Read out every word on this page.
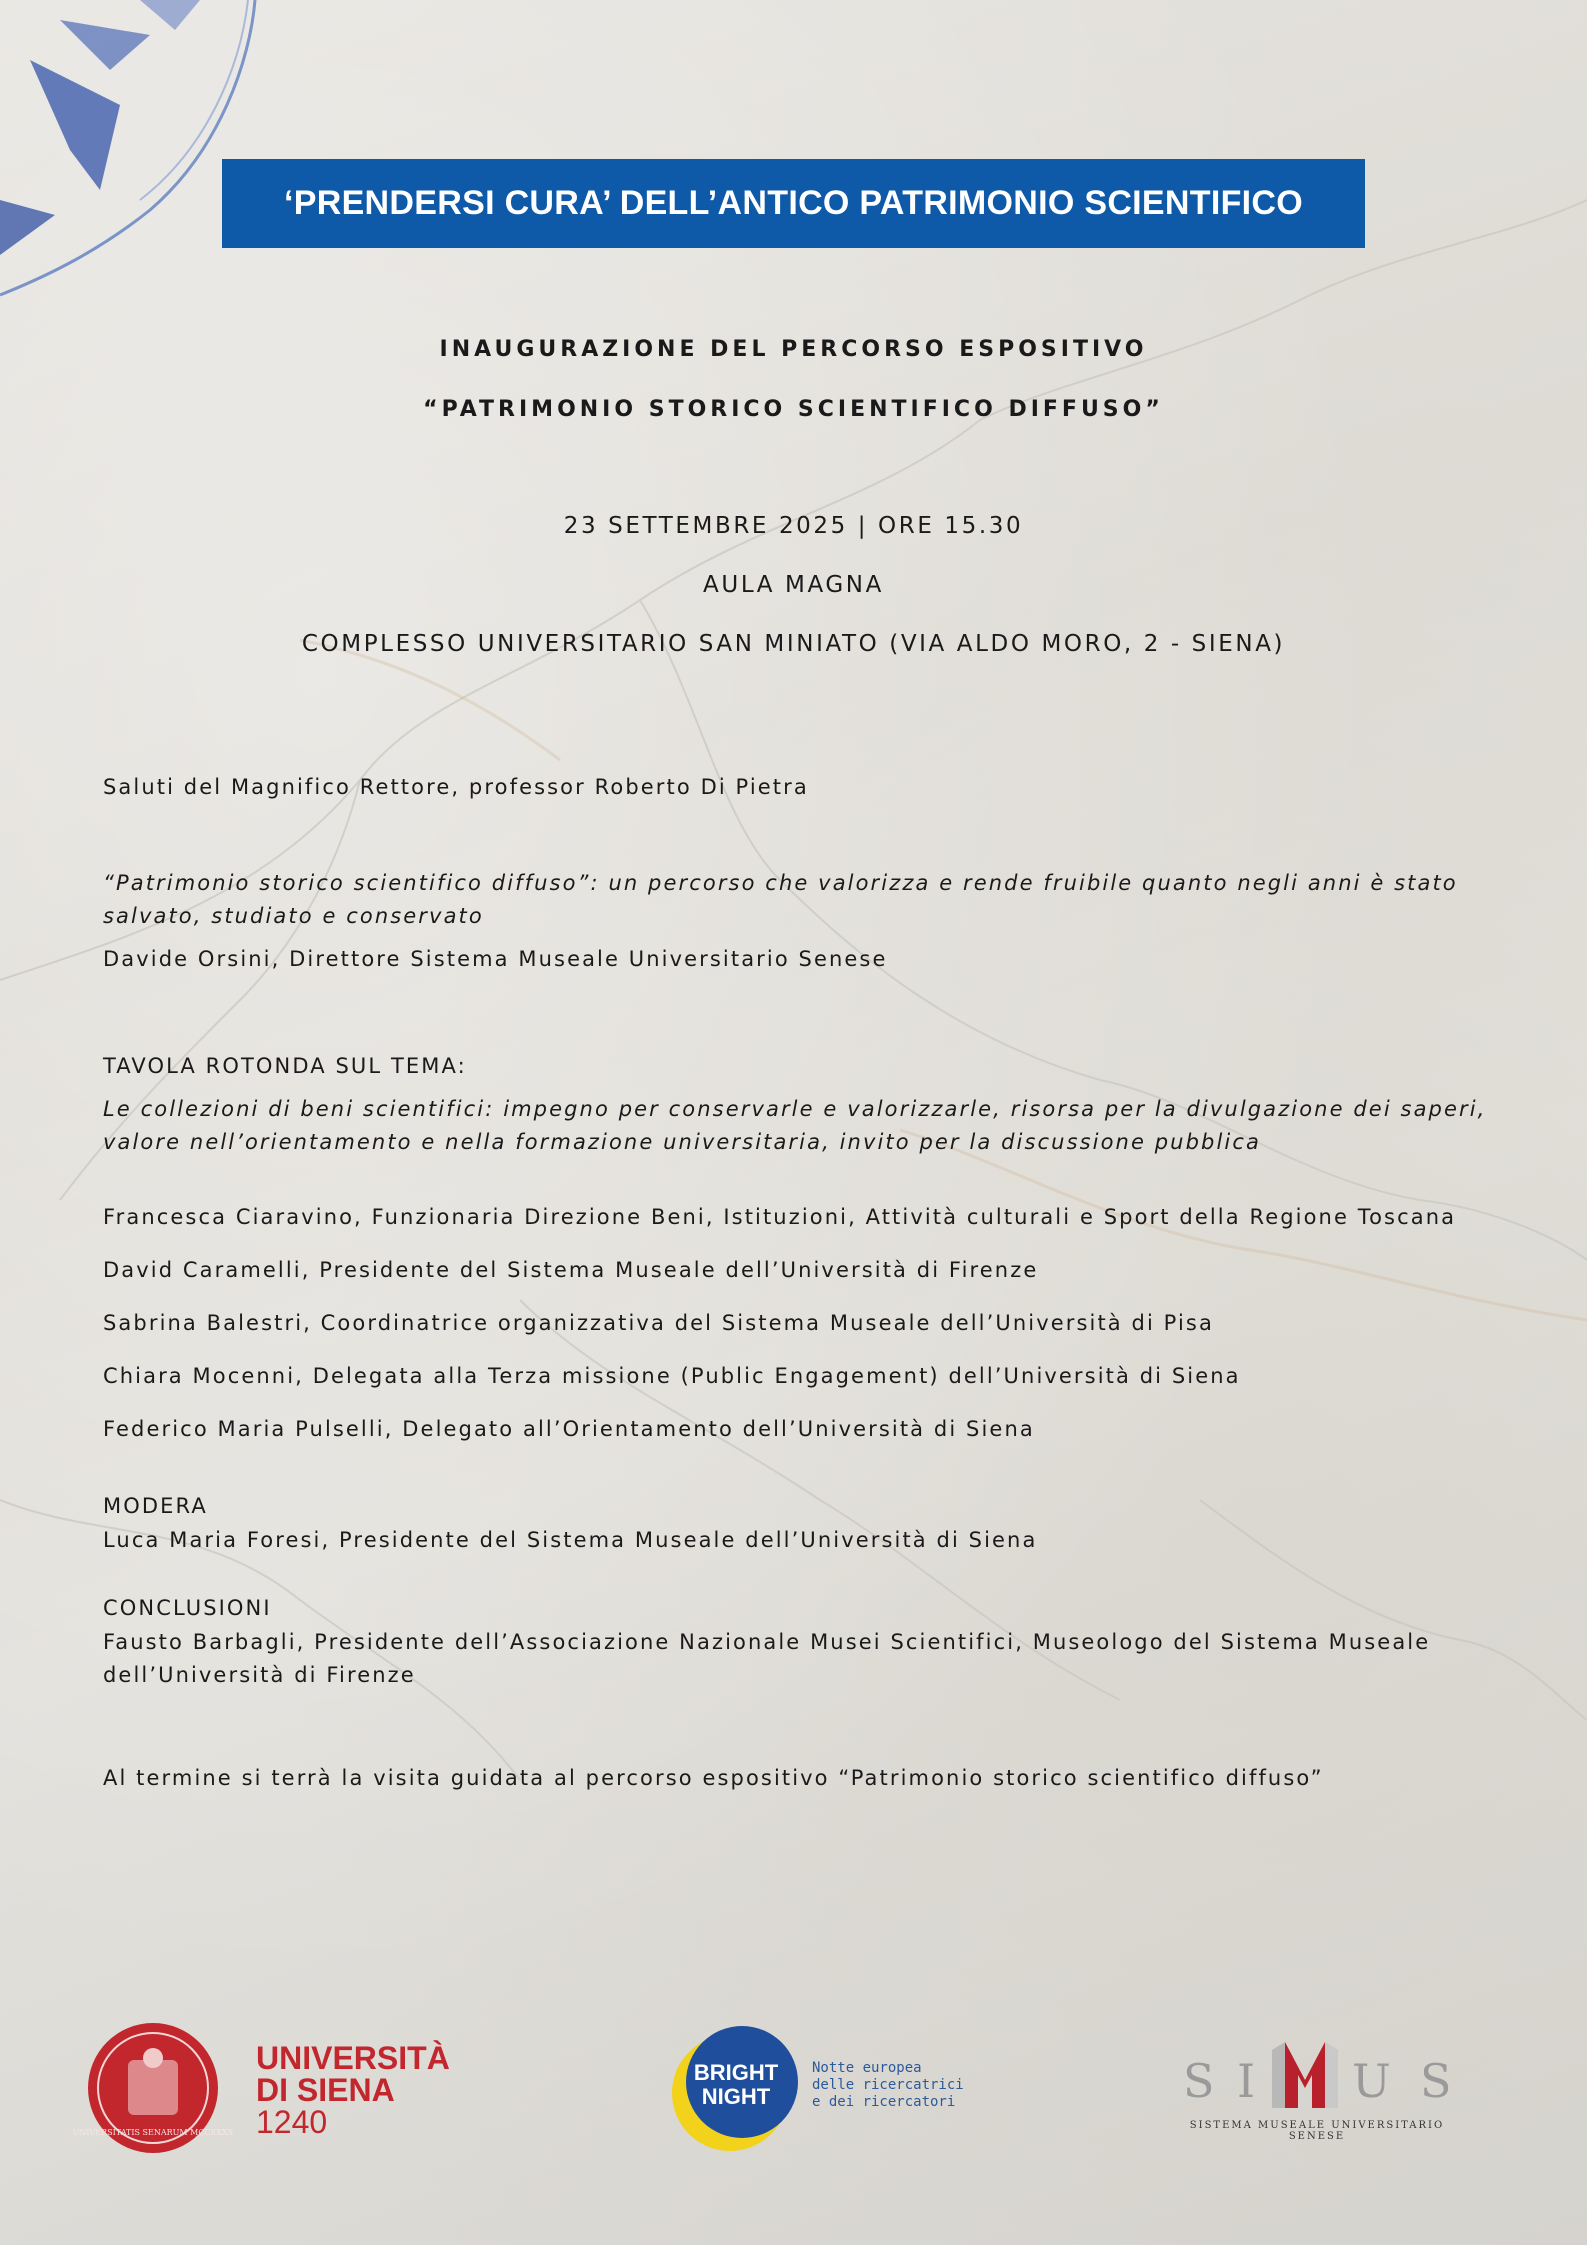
‘PRENDERSI CURA’ DELL’ANTICO PATRIMONIO SCIENTIFICO
INAUGURAZIONE DEL PERCORSO ESPOSITIVO
“PATRIMONIO STORICO SCIENTIFICO DIFFUSO”
23 SETTEMBRE 2025 | ORE 15.30
AULA MAGNA
COMPLESSO UNIVERSITARIO SAN MINIATO (VIA ALDO MORO, 2 - SIENA)
Saluti del Magnifico Rettore, professor Roberto Di Pietra
“Patrimonio storico scientifico diffuso”: un percorso che valorizza e rende fruibile quanto negli anni è stato
salvato, studiato e conservato
Davide Orsini, Direttore Sistema Museale Universitario Senese
TAVOLA ROTONDA SUL TEMA:
Le collezioni di beni scientifici: impegno per conservarle e valorizzarle, risorsa per la divulgazione dei saperi,
valore nell’orientamento e nella formazione universitaria, invito per la discussione pubblica
Francesca Ciaravino, Funzionaria Direzione Beni, Istituzioni, Attività culturali e Sport della Regione Toscana
David Caramelli, Presidente del Sistema Museale dell’Università di Firenze
Sabrina Balestri, Coordinatrice organizzativa del Sistema Museale dell’Università di Pisa
Chiara Mocenni, Delegata alla Terza missione (Public Engagement) dell’Università di Siena
Federico Maria Pulselli, Delegato all’Orientamento dell’Università di Siena
MODERA
Luca Maria Foresi, Presidente del Sistema Museale dell’Università di Siena
CONCLUSIONI
Fausto Barbagli, Presidente dell’Associazione Nazionale Musei Scientifici, Museologo del Sistema Museale
dell’Università di Firenze
Al termine si terrà la visita guidata al percorso espositivo “Patrimonio storico scientifico diffuso”
UNIVERSITATIS SENARUM MCCXXXX
BRIGHT
NIGHT	S I U S
UNIVERSITÀ
DI SIENA
1240
Notte europea
delle ricercatrici
e dei ricercatori
SISTEMA MUSEALE UNIVERSITARIO SENESE
